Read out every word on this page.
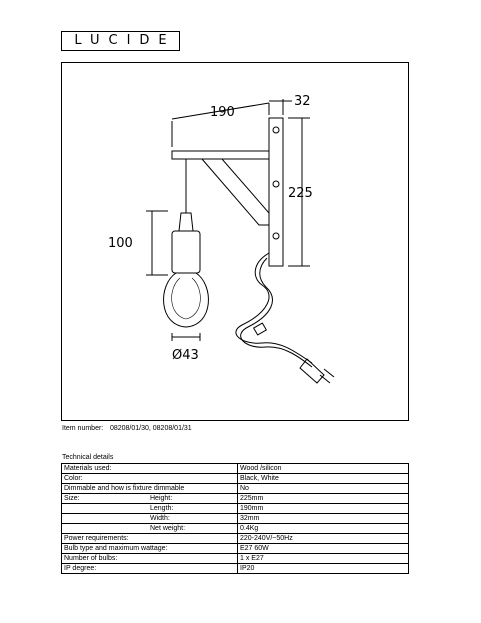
LUCIDE
190
32
225
100
Ø43
Item number: 08208/01/30, 08208/01/31
Technical details
Materials used:	Wood /silicon
Color:	Black, White
Dimmable and how is fixture dimmable	No
Size: Height:	225mm
Length:	190mm
Width:	32mm
Net weight:	0.4Kg
Power requirements:	220-240V/~50Hz
Bulb type and maximum wattage:	E27 60W
Number of bulbs:	1 x E27
IP degree:	IP20
